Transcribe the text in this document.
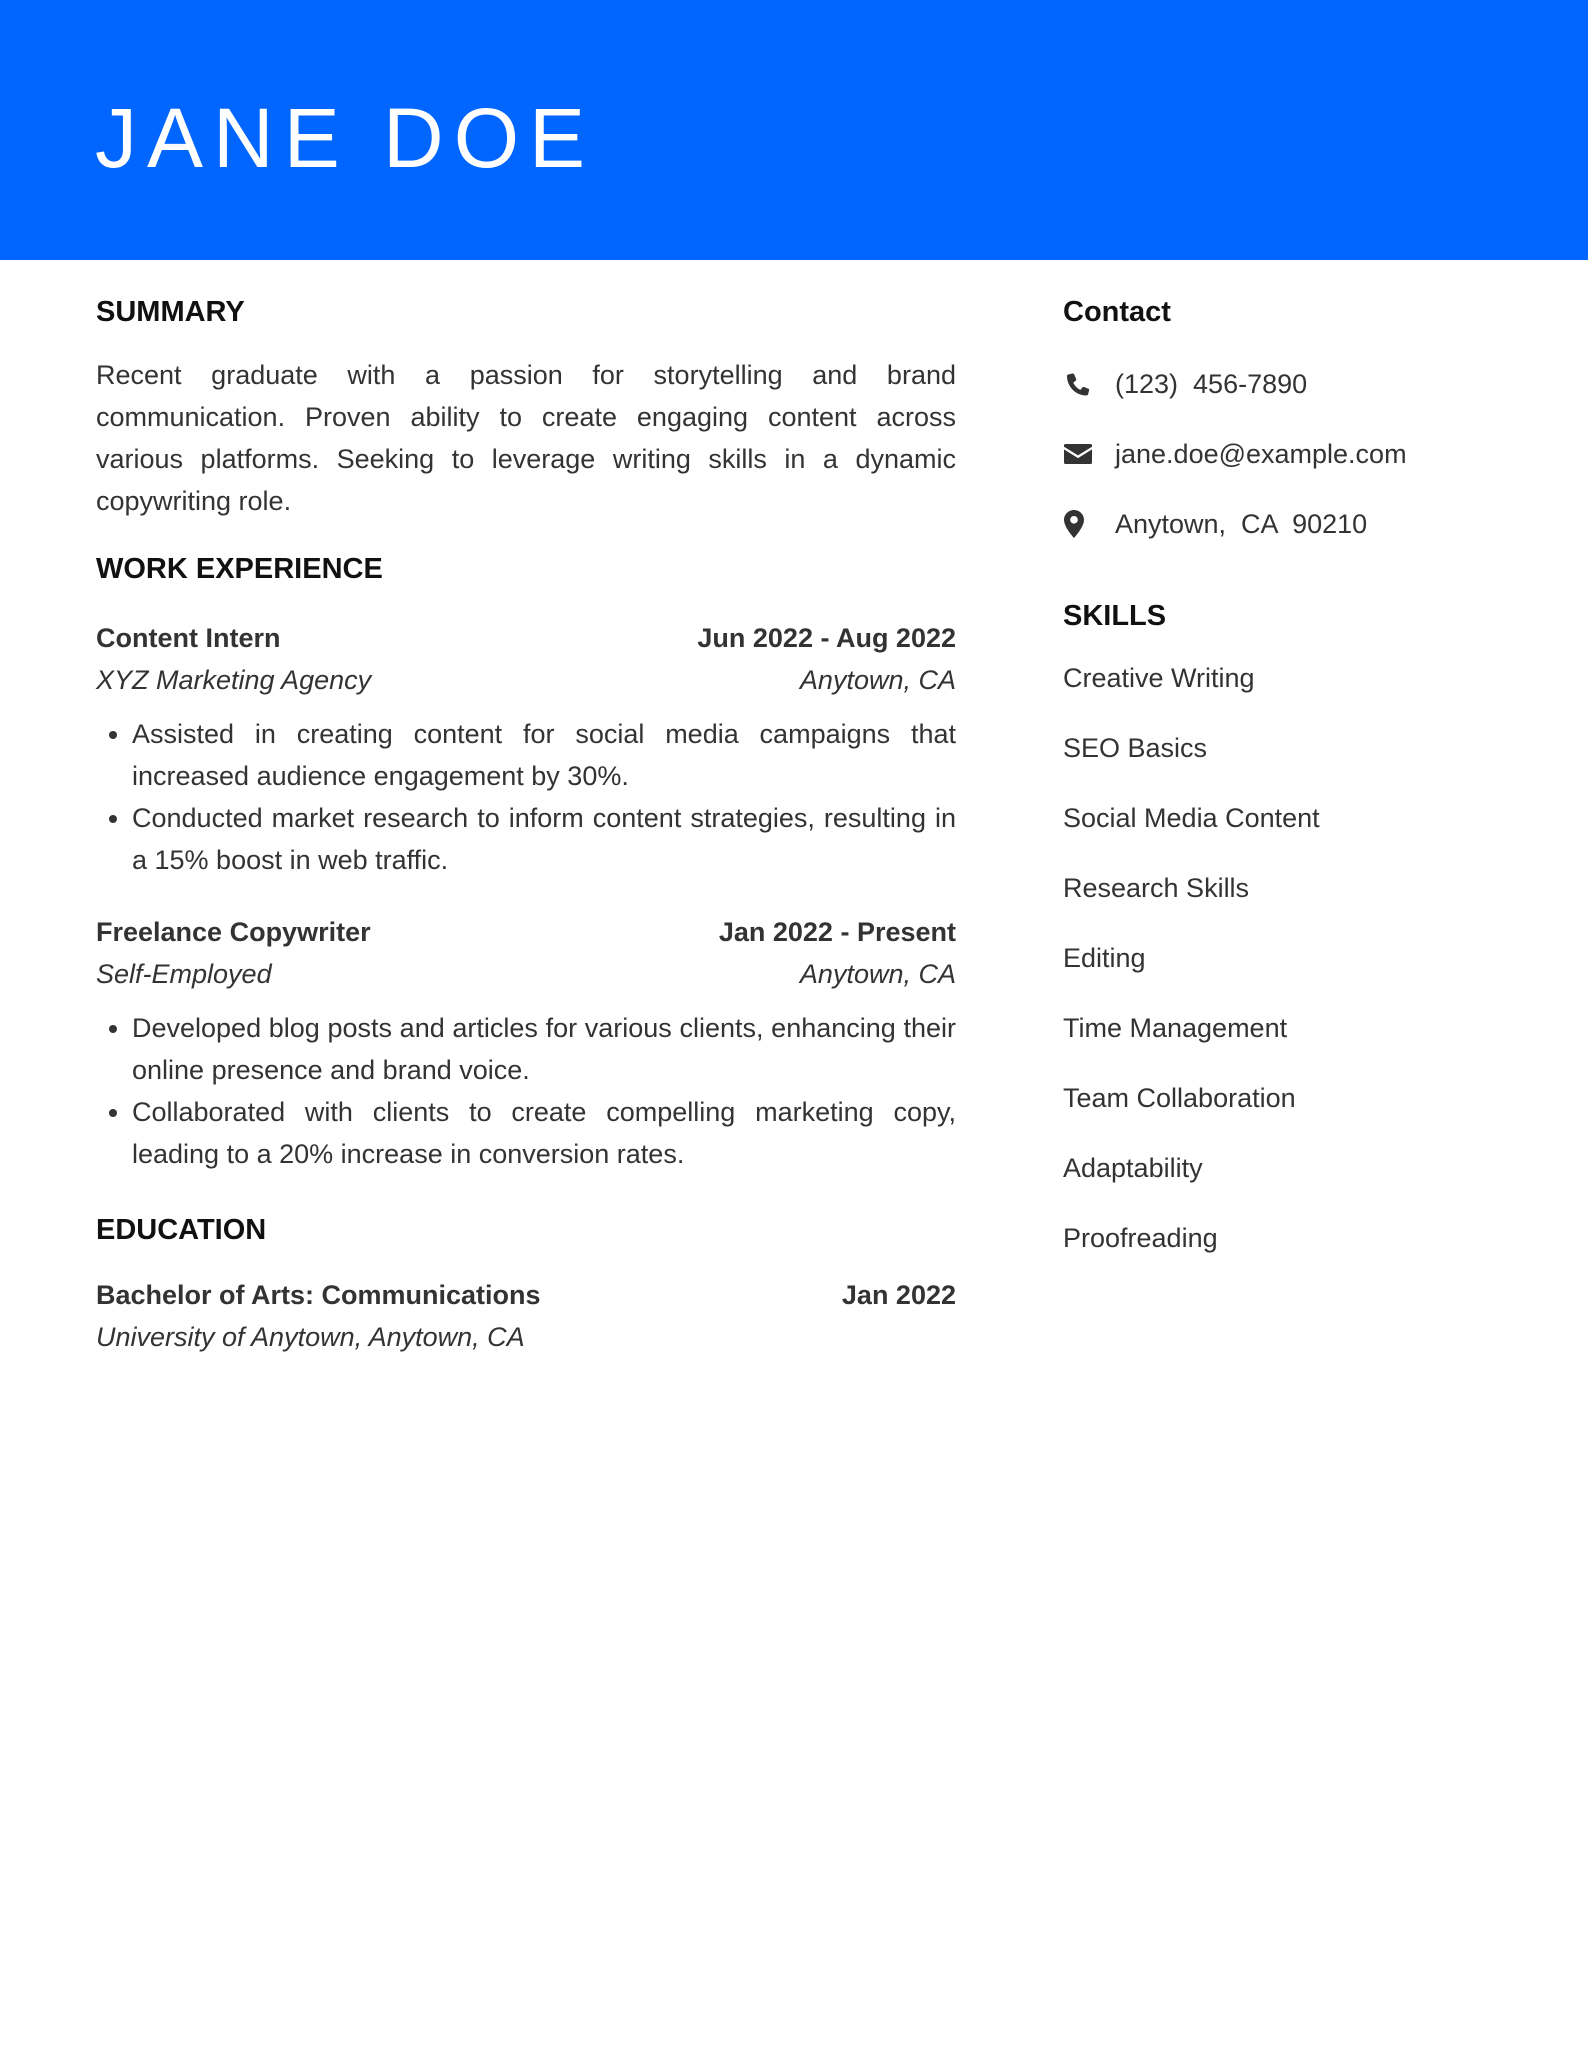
JANE DOE
SUMMARY

Recent graduate with a passion for storytelling and brand communication. Proven ability to create engaging content across various platforms. Seeking to leverage writing skills in a dynamic copywriting role.

WORK EXPERIENCE
Content Intern	Jun 2022 - Aug 2022
XYZ Marketing Agency	Anytown, CA
• Assisted in creating content for social media campaigns that increased audience engagement by 30%.
• Conducted market research to inform content strategies, resulting in a 15% boost in web traffic.
Freelance Copywriter	Jan 2022 - Present
Self-Employed	Anytown, CA
• Developed blog posts and articles for various clients, enhancing their online presence and brand voice.
• Collaborated with clients to create compelling marketing copy, leading to a 20% increase in conversion rates.
EDUCATION
Bachelor of Arts: Communications	Jan 2022
University of Anytown, Anytown, CA
Contact
(123)  456-7890
jane.doe@example.com
Anytown,  CA  90210
SKILLS
Creative Writing
SEO Basics
Social Media Content
Research Skills
Editing
Time Management
Team Collaboration
Adaptability
Proofreading
